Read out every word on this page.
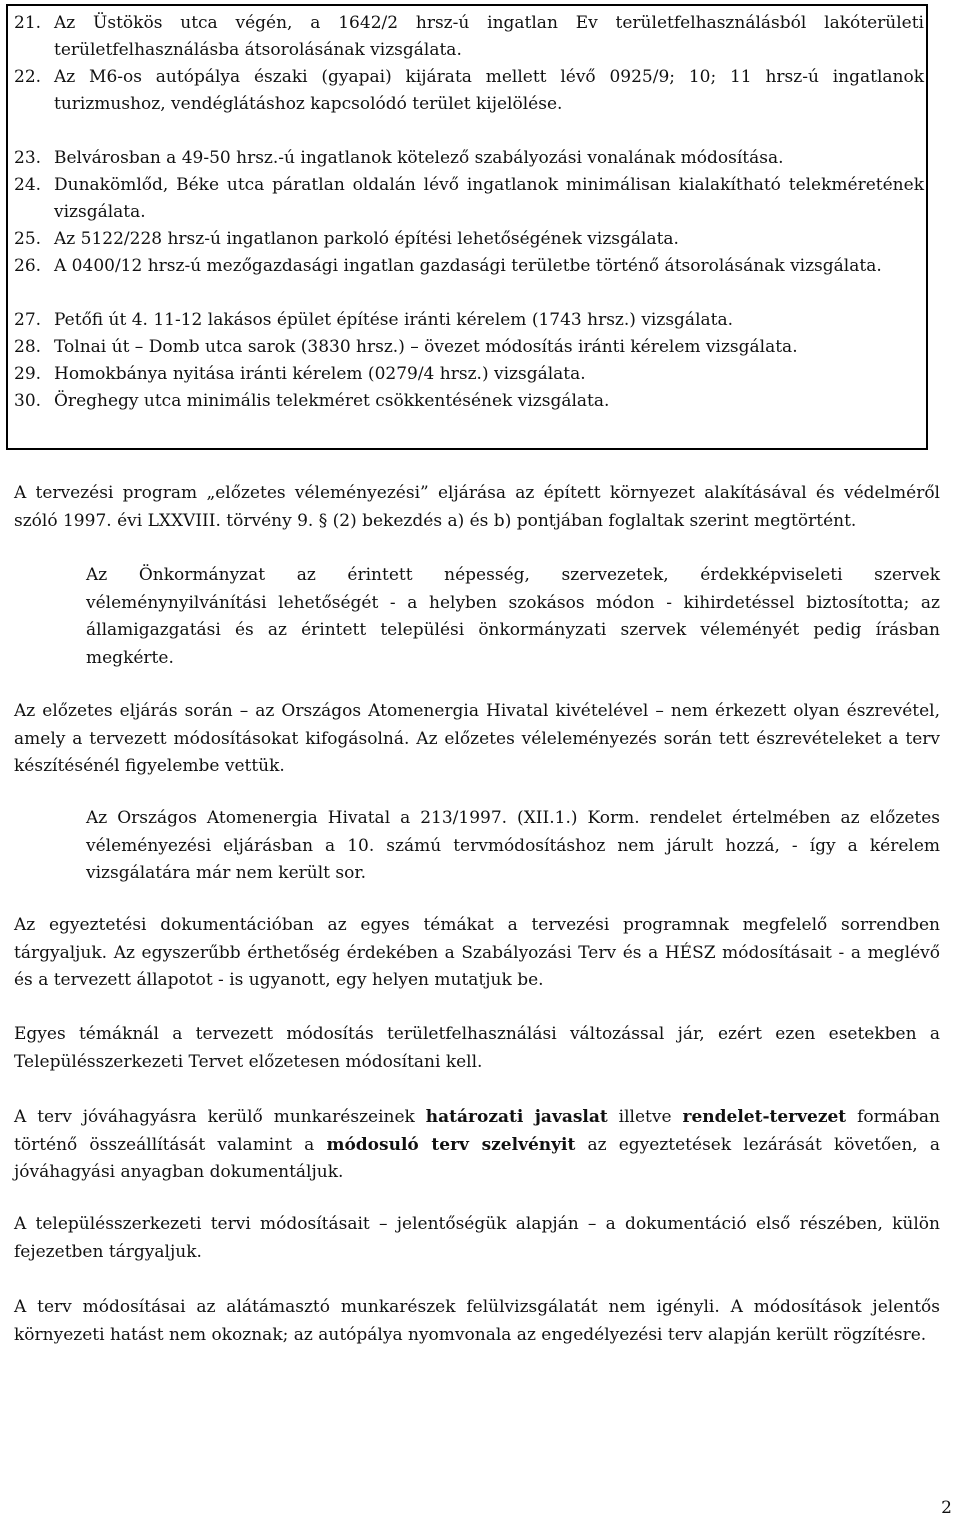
21. Az Üstökös utca végén, a 1642/2 hrsz-ú ingatlan Ev területfelhasználásból lakóterületi területfelhasználásba átsorolásának vizsgálata.
22. Az M6-os autópálya északi (gyapai) kijárata mellett lévő 0925/9; 10; 11 hrsz-ú ingatlanok turizmushoz, vendéglátáshoz kapcsolódó terület kijelölése.
23. Belvárosban a 49-50 hrsz.-ú ingatlanok kötelező szabályozási vonalának módosítása.
24. Dunakömlőd, Béke utca páratlan oldalán lévő ingatlanok minimálisan kialakítható telekméretének vizsgálata.
25. Az 5122/228 hrsz-ú ingatlanon parkoló építési lehetőségének vizsgálata.
26. A 0400/12 hrsz-ú mezőgazdasági ingatlan gazdasági területbe történő átsorolásának vizsgálata.
27. Petőfi út 4. 11-12 lakásos épület építése iránti kérelem (1743 hrsz.) vizsgálata.
28. Tolnai út – Domb utca sarok (3830 hrsz.) – övezet módosítás iránti kérelem vizsgálata.
29. Homokbánya nyitása iránti kérelem (0279/4 hrsz.) vizsgálata.
30. Öreghegy utca minimális telekméret csökkentésének vizsgálata.

A tervezési program „előzetes véleményezési” eljárása az épített környezet alakításával és védelméről szóló 1997. évi LXXVIII. törvény 9. § (2) bekezdés a) és b) pontjában foglaltak szerint megtörtént.

Az Önkormányzat az érintett népesség, szervezetek, érdekképviseleti szervek véleménynyilvánítási lehetőségét - a helyben szokásos módon - kihirdetéssel biztosította; az államigazgatási és az érintett települési önkormányzati szervek véleményét pedig írásban megkérte.

Az előzetes eljárás során – az Országos Atomenergia Hivatal kivételével – nem érkezett olyan észrevétel, amely a tervezett módosításokat kifogásolná. Az előzetes véleleményezés során tett észrevételeket a terv készítésénél figyelembe vettük.

Az Országos Atomenergia Hivatal a 213/1997. (XII.1.) Korm. rendelet értelmében az előzetes véleményezési eljárásban a 10. számú tervmódosításhoz nem járult hozzá, - így a kérelem vizsgálatára már nem került sor.

Az egyeztetési dokumentációban az egyes témákat a tervezési programnak megfelelő sorrendben tárgyaljuk. Az egyszerűbb érthetőség érdekében a Szabályozási Terv és a HÉSZ módosításait - a meglévő és a tervezett állapotot - is ugyanott, egy helyen mutatjuk be.

Egyes témáknál a tervezett módosítás területfelhasználási változással jár, ezért ezen esetekben a Településszerkezeti Tervet előzetesen módosítani kell.

A terv jóváhagyásra kerülő munkarészeinek határozati javaslat illetve rendelet-tervezet formában történő összeállítását valamint a módosuló terv szelvényit az egyeztetések lezárását követően, a jóváhagyási anyagban dokumentáljuk.

A településszerkezeti tervi módosításait – jelentőségük alapján – a dokumentáció első részében, külön fejezetben tárgyaljuk.

A terv módosításai az alátámasztó munkarészek felülvizsgálatát nem igényli. A módosítások jelentős környezeti hatást nem okoznak; az autópálya nyomvonala az engedélyezési terv alapján került rögzítésre.

2
